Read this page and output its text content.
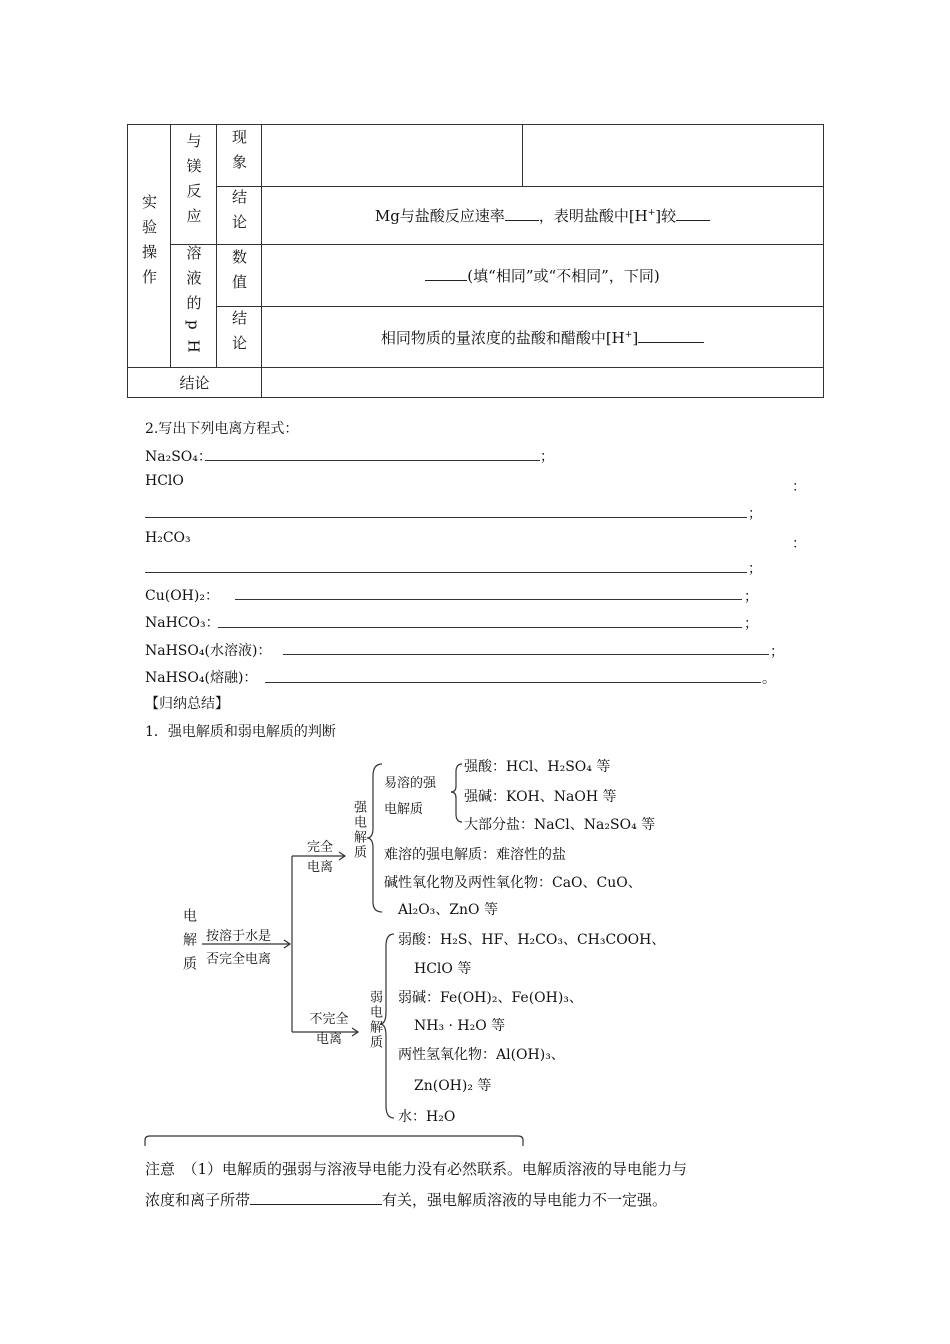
实验操作	与镁反应	现象		
		结论	Mg与盐酸反应速率 ，表明盐酸中[H+]较	
	溶液的pH	数值	(填“相同”或“不相同”，下同)	
		结论	相同物质的量浓度的盐酸和醋酸中[H+]	
结论				
2.写出下列电离方程式：
Na₂SO₄：	；
HClO	：
；
H₂CO₃	：
；
Cu(OH)₂：	；
NaHCO₃：	；
NaHSO₄(水溶液)：	；
NaHSO₄(熔融)：	。
【归纳总结】
1．强电解质和弱电解质的判断
电解质 按溶于水是
否完全电离
完全电离
不完全电离
强电解质
弱电解质
易溶的强
电解质
强酸：HCl、H₂SO₄ 等
强碱：KOH、NaOH 等
大部分盐：NaCl、Na₂SO₄ 等
难溶的强电解质：难溶性的盐
碱性氧化物及两性氧化物：CaO、CuO、
Al₂O₃、ZnO 等
弱酸：H₂S、HF、H₂CO₃、CH₃COOH、
HClO 等
弱碱：Fe(OH)₂、Fe(OH)₃、
NH₃ · H₂O 等
两性氢氧化物：Al(OH)₃、
Zn(OH)₂ 等
水：H₂O
注意　（1）电解质的强弱与溶液导电能力没有必然联系。电解质溶液的导电能力与
浓度和离子所带	有关，强电解质溶液的导电能力不一定强。
